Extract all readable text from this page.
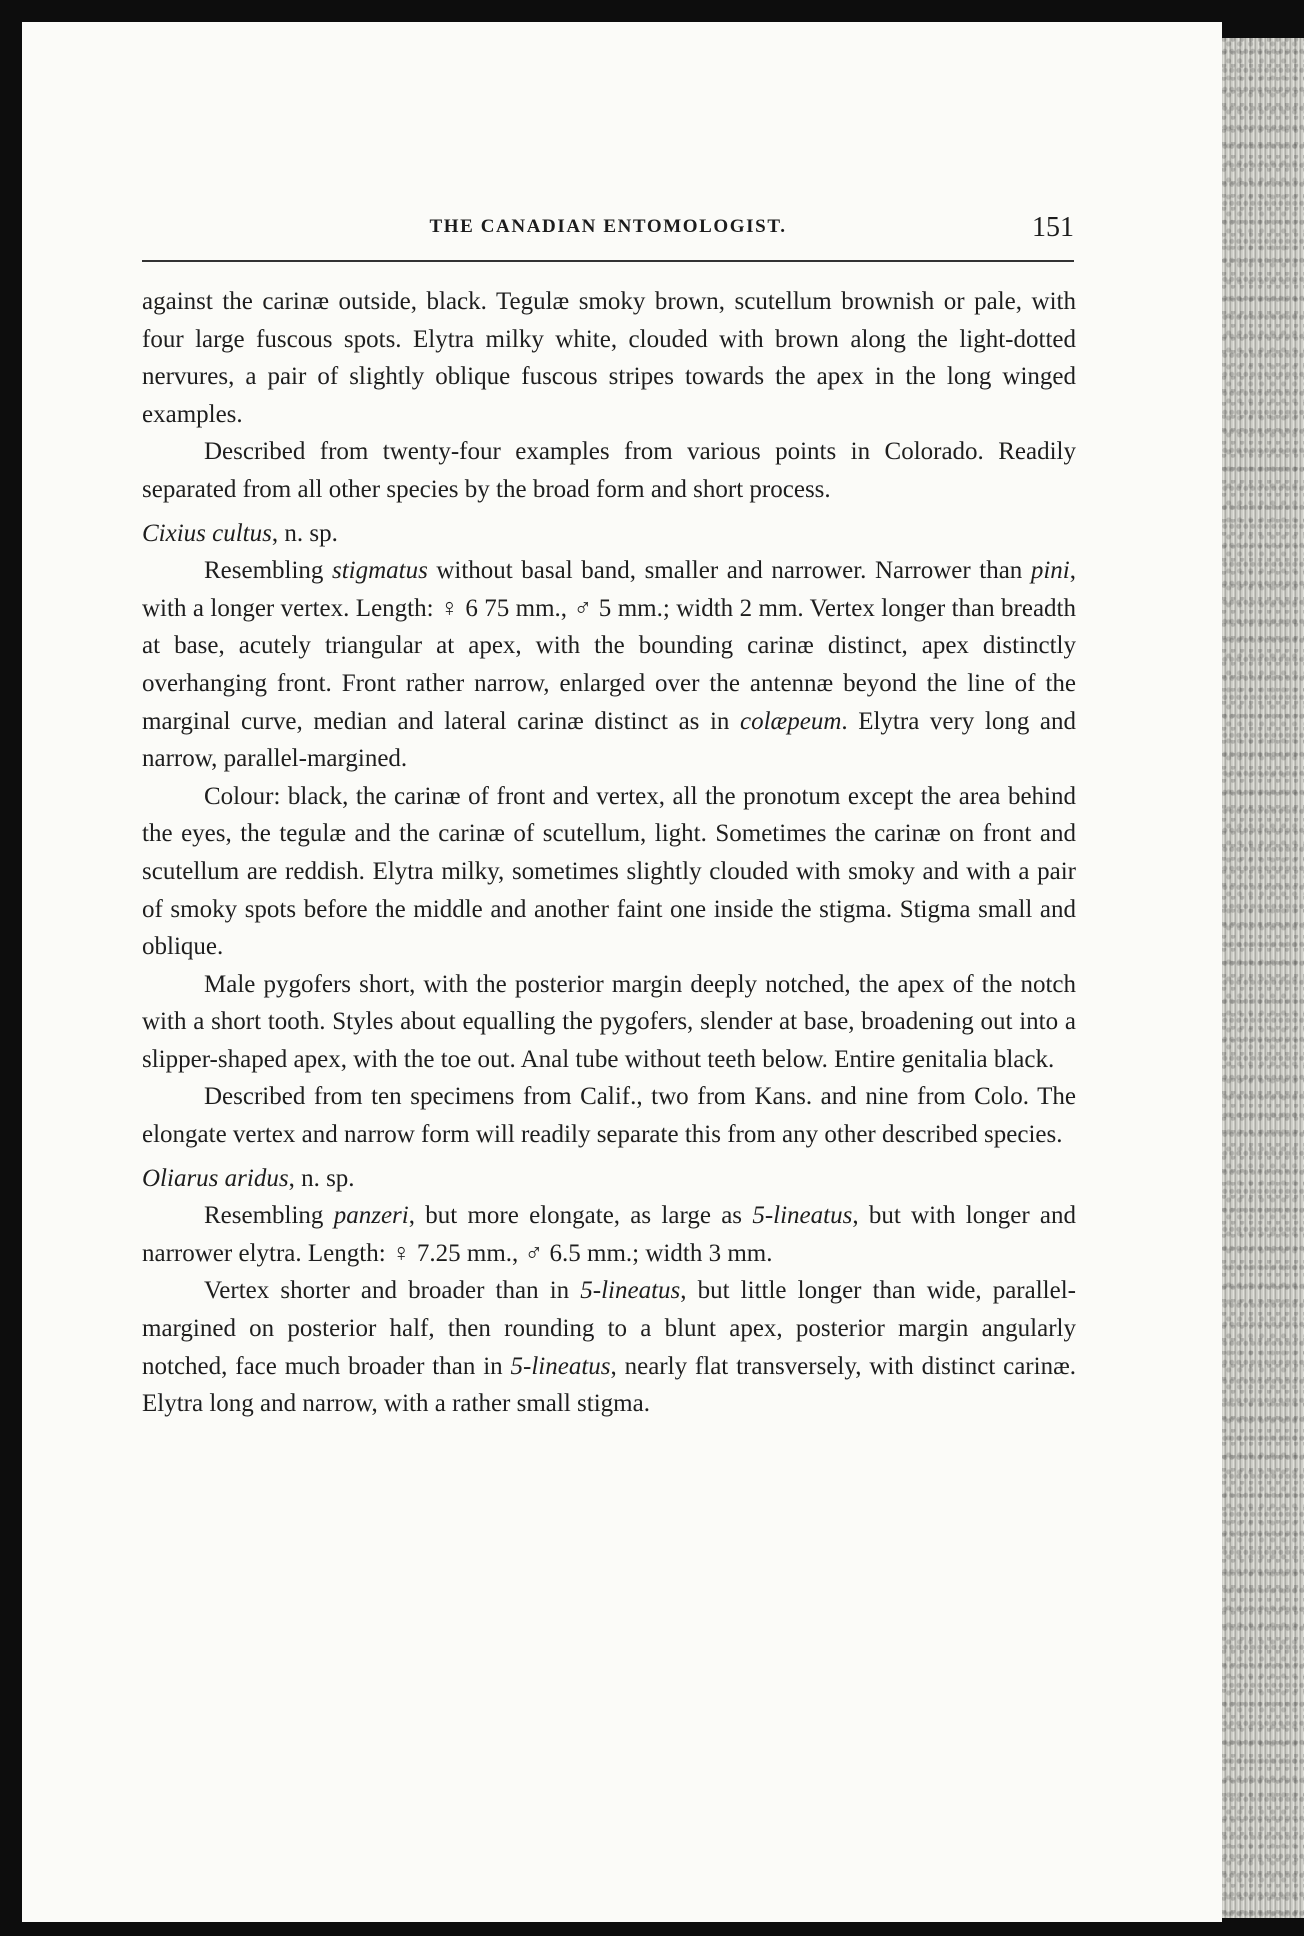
THE CANADIAN ENTOMOLOGIST.	151

against the carinæ outside, black. Tegulæ smoky brown, scutellum brownish or pale, with four large fuscous spots. Elytra milky white, clouded with brown along the light-dotted nervures, a pair of slightly oblique fuscous stripes towards the apex in the long winged examples.

Described from twenty-four examples from various points in Colorado. Readily separated from all other species by the broad form and short process.

Cixius cultus, n. sp.

Resembling stigmatus without basal band, smaller and narrower. Narrower than pini, with a longer vertex. Length: ♀ 6 75 mm., ♂ 5 mm.; width 2 mm. Vertex longer than breadth at base, acutely triangular at apex, with the bounding carinæ distinct, apex distinctly overhanging front. Front rather narrow, enlarged over the antennæ beyond the line of the marginal curve, median and lateral carinæ distinct as in colæpeum. Elytra very long and narrow, parallel-margined.

Colour: black, the carinæ of front and vertex, all the pronotum except the area behind the eyes, the tegulæ and the carinæ of scutellum, light. Sometimes the carinæ on front and scutellum are reddish. Elytra milky, sometimes slightly clouded with smoky and with a pair of smoky spots before the middle and another faint one inside the stigma. Stigma small and oblique.

Male pygofers short, with the posterior margin deeply notched, the apex of the notch with a short tooth. Styles about equalling the pygofers, slender at base, broadening out into a slipper-shaped apex, with the toe out. Anal tube without teeth below. Entire genitalia black.

Described from ten specimens from Calif., two from Kans. and nine from Colo. The elongate vertex and narrow form will readily separate this from any other described species.

Oliarus aridus, n. sp.

Resembling panzeri, but more elongate, as large as 5-lineatus, but with longer and narrower elytra. Length: ♀ 7.25 mm., ♂ 6.5 mm.; width 3 mm.

Vertex shorter and broader than in 5-lineatus, but little longer than wide, parallel-margined on posterior half, then rounding to a blunt apex, posterior margin angularly notched, face much broader than in 5-lineatus, nearly flat transversely, with distinct carinæ. Elytra long and narrow, with a rather small stigma.
